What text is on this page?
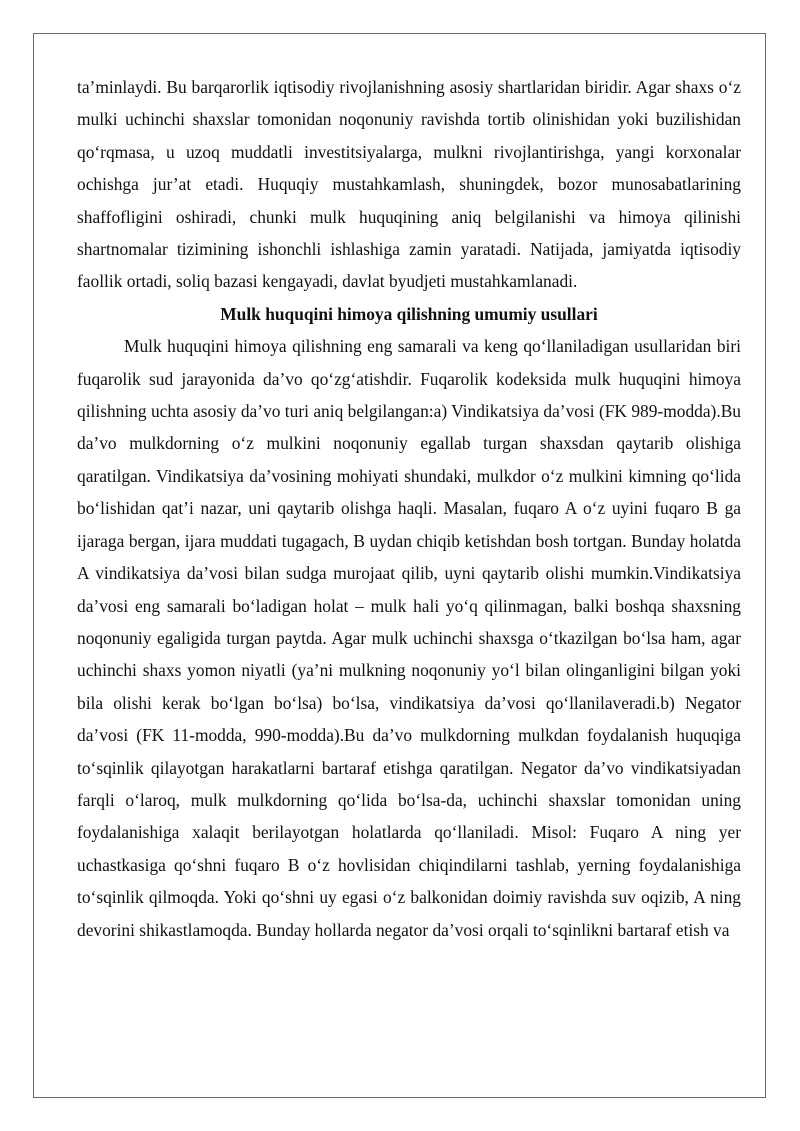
ta’minlaydi. Bu barqarorlik iqtisodiy rivojlanishning asosiy shartlaridan biridir. Agar shaxs o‘z mulki uchinchi shaxslar tomonidan noqonuniy ravishda tortib olinishidan yoki buzilishidan qo‘rqmasa, u uzoq muddatli investitsiyalarga, mulkni rivojlantirishga, yangi korxonalar ochishga jur’at etadi. Huquqiy mustahkamlash, shuningdek, bozor munosabatlarining shaffofligini oshiradi, chunki mulk huquqining aniq belgilanishi va himoya qilinishi shartnomalar tizimining ishonchli ishlashiga zamin yaratadi. Natijada, jamiyatda iqtisodiy faollik ortadi, soliq bazasi kengayadi, davlat byudjeti mustahkamlanadi.

Mulk huquqini himoya qilishning umumiy usullari

Mulk huquqini himoya qilishning eng samarali va keng qo‘llaniladigan usullaridan biri fuqarolik sud jarayonida da’vo qo‘zg‘atishdir. Fuqarolik kodeksida mulk huquqini himoya qilishning uchta asosiy da’vo turi aniq belgilangan:a) Vindikatsiya da’vosi (FK 989-modda).Bu da’vo mulkdorning o‘z mulkini noqonuniy egallab turgan shaxsdan qaytarib olishiga qaratilgan. Vindikatsiya da’vosining mohiyati shundaki, mulkdor o‘z mulkini kimning qo‘lida bo‘lishidan qat’i nazar, uni qaytarib olishga haqli. Masalan, fuqaro A o‘z uyini fuqaro B ga ijaraga bergan, ijara muddati tugagach, B uydan chiqib ketishdan bosh tortgan. Bunday holatda A vindikatsiya da’vosi bilan sudga murojaat qilib, uyni qaytarib olishi mumkin.Vindikatsiya da’vosi eng samarali bo‘ladigan holat – mulk hali yo‘q qilinmagan, balki boshqa shaxsning noqonuniy egaligida turgan paytda. Agar mulk uchinchi shaxsga o‘tkazilgan bo‘lsa ham, agar uchinchi shaxs yomon niyatli (ya’ni mulkning noqonuniy yo‘l bilan olinganligini bilgan yoki bila olishi kerak bo‘lgan bo‘lsa) bo‘lsa, vindikatsiya da’vosi qo‘llanilaveradi.b) Negator da’vosi (FK 11-modda, 990-modda).Bu da’vo mulkdorning mulkdan foydalanish huquqiga to‘sqinlik qilayotgan harakatlarni bartaraf etishga qaratilgan. Negator da’vo vindikatsiyadan farqli o‘laroq, mulk mulkdorning qo‘lida bo‘lsa-da, uchinchi shaxslar tomonidan uning foydalanishiga xalaqit berilayotgan holatlarda qo‘llaniladi. Misol: Fuqaro A ning yer uchastkasiga qo‘shni fuqaro B o‘z hovlisidan chiqindilarni tashlab, yerning foydalanishiga to‘sqinlik qilmoqda. Yoki qo‘shni uy egasi o‘z balkonidan doimiy ravishda suv oqizib, A ning devorini shikastlamoqda. Bunday hollarda negator da’vosi orqali to‘sqinlikni bartaraf etish va
